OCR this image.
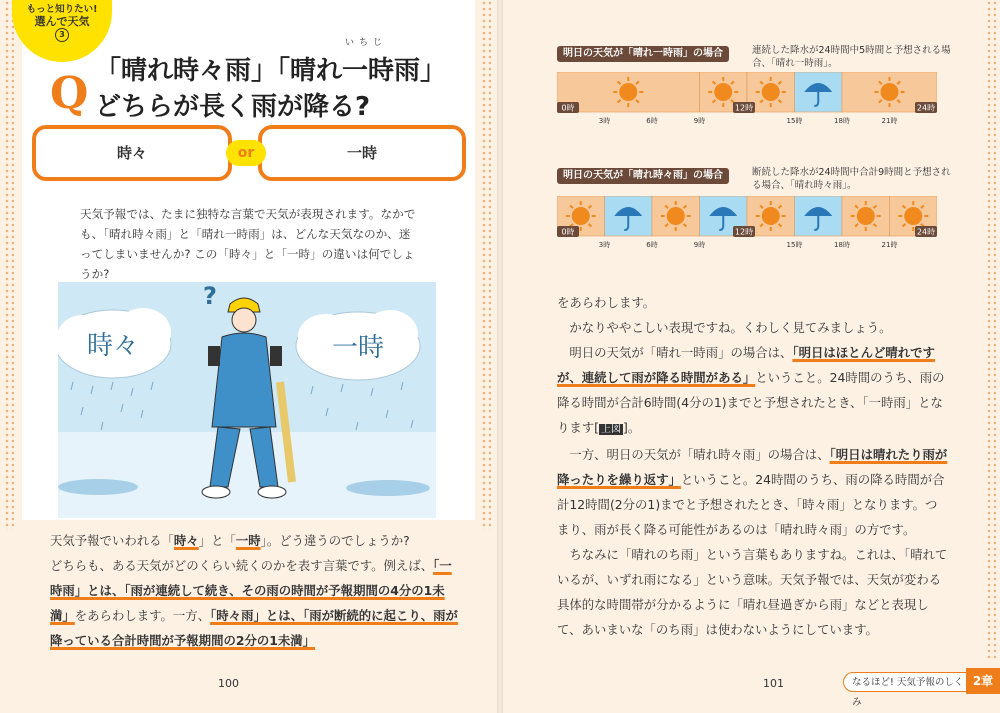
もっと知りたい!
選んで天気
3
Q
いちじ
「晴れ時々雨」「晴れ一時雨」
どちらが長く雨が降る?
時々	一時
or
天気予報では、たまに独特な言葉で天気が表現されます。なかでも、「晴れ時々雨」と「晴れ一時雨」は、どんな天気なのか、迷ってしまいませんか? この「時々」と「一時」の違いは何でしょうか?
時々	一時
?

天気予報でいわれる「時々」と「一時」。どう違うのでしょうか?

どちらも、ある天気がどのくらい続くのかを表す言葉です。例えば、「一時雨」とは、「雨が連続して続き、その雨の時間が予報期間の4分の1未満」をあらわします。一方、「時々雨」とは、「雨が断続的に起こり、雨が降っている合計時間が予報期間の2分の1未満」

100
明日の天気が「晴れ一時雨」の場合	連続した降水が24時間中5時間と予想される場合、「晴れ一時雨」。
0時
3時	6時	9時
12時
15時	18時	21時
24時
明日の天気が「晴れ時々雨」の場合	断続した降水が24時間中合計9時間と予想される場合、「晴れ時々雨」。
0時
3時	6時	9時
12時
15時	18時	21時
24時

をあらわします。

かなりややこしい表現ですね。くわしく見てみましょう。

明日の天気が「晴れ一時雨」の場合は、「明日はほとんど晴れですが、連続して雨が降る時間がある」ということ。24時間のうち、雨の降る時間が合計6時間(4分の1)までと予想されたとき、「一時雨」となります[ 上図 ]。

一方、明日の天気が「晴れ時々雨」の場合は、「明日は晴れたり雨が降ったりを繰り返す」ということ。24時間のうち、雨の降る時間が合計12時間(2分の1)までと予想されたとき、「時々雨」となります。つまり、雨が長く降る可能性があるのは「晴れ時々雨」の方です。

ちなみに「晴れのち雨」という言葉もありますね。これは、「晴れているが、いずれ雨になる」という意味。天気予報では、天気が変わる具体的な時間帯が分かるように「晴れ昼過ぎから雨」などと表現して、あいまいな「のち雨」は使わないようにしています。

101	なるほど! 天気予報のしくみ
2章
